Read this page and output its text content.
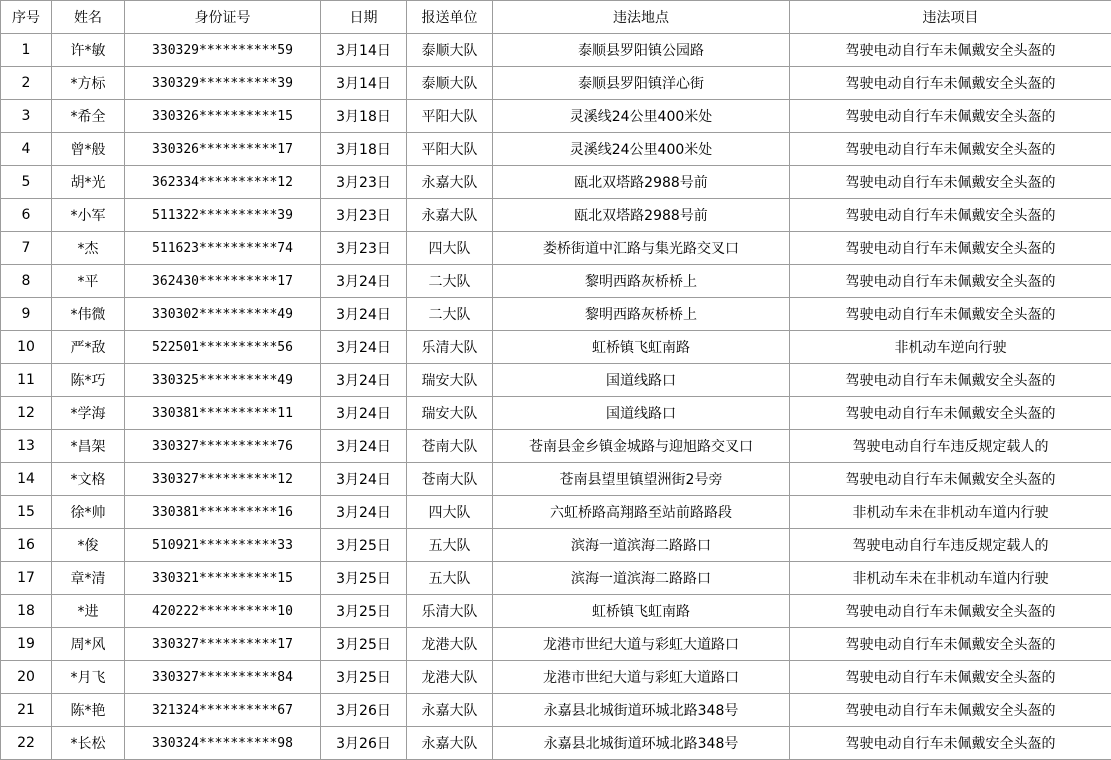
序号	姓名	身份证号	日期	报送单位	违法地点	违法项目
1	许*敏	330329**********59	3月14日	泰顺大队	泰顺县罗阳镇公园路	驾驶电动自行车未佩戴安全头盔的
2	*方标	330329**********39	3月14日	泰顺大队	泰顺县罗阳镇洋心街	驾驶电动自行车未佩戴安全头盔的
3	*希全	330326**********15	3月18日	平阳大队	灵溪线24公里400米处	驾驶电动自行车未佩戴安全头盔的
4	曾*般	330326**********17	3月18日	平阳大队	灵溪线24公里400米处	驾驶电动自行车未佩戴安全头盔的
5	胡*光	362334**********12	3月23日	永嘉大队	瓯北双塔路2988号前	驾驶电动自行车未佩戴安全头盔的
6	*小军	511322**********39	3月23日	永嘉大队	瓯北双塔路2988号前	驾驶电动自行车未佩戴安全头盔的
7	*杰	511623**********74	3月23日	四大队	娄桥街道中汇路与集光路交叉口	驾驶电动自行车未佩戴安全头盔的
8	*平	362430**********17	3月24日	二大队	黎明西路灰桥桥上	驾驶电动自行车未佩戴安全头盔的
9	*伟微	330302**********49	3月24日	二大队	黎明西路灰桥桥上	驾驶电动自行车未佩戴安全头盔的
10	严*敌	522501**********56	3月24日	乐清大队	虹桥镇飞虹南路	非机动车逆向行驶
11	陈*巧	330325**********49	3月24日	瑞安大队	国道线路口	驾驶电动自行车未佩戴安全头盔的
12	*学海	330381**********11	3月24日	瑞安大队	国道线路口	驾驶电动自行车未佩戴安全头盔的
13	*昌架	330327**********76	3月24日	苍南大队	苍南县金乡镇金城路与迎旭路交叉口	驾驶电动自行车违反规定载人的
14	*文格	330327**********12	3月24日	苍南大队	苍南县望里镇望洲街2号旁	驾驶电动自行车未佩戴安全头盔的
15	徐*帅	330381**********16	3月24日	四大队	六虹桥路高翔路至站前路路段	非机动车未在非机动车道内行驶
16	*俊	510921**********33	3月25日	五大队	滨海一道滨海二路路口	驾驶电动自行车违反规定载人的
17	章*清	330321**********15	3月25日	五大队	滨海一道滨海二路路口	非机动车未在非机动车道内行驶
18	*进	420222**********10	3月25日	乐清大队	虹桥镇飞虹南路	驾驶电动自行车未佩戴安全头盔的
19	周*风	330327**********17	3月25日	龙港大队	龙港市世纪大道与彩虹大道路口	驾驶电动自行车未佩戴安全头盔的
20	*月飞	330327**********84	3月25日	龙港大队	龙港市世纪大道与彩虹大道路口	驾驶电动自行车未佩戴安全头盔的
21	陈*艳	321324**********67	3月26日	永嘉大队	永嘉县北城街道环城北路348号	驾驶电动自行车未佩戴安全头盔的
22	*长松	330324**********98	3月26日	永嘉大队	永嘉县北城街道环城北路348号	驾驶电动自行车未佩戴安全头盔的
